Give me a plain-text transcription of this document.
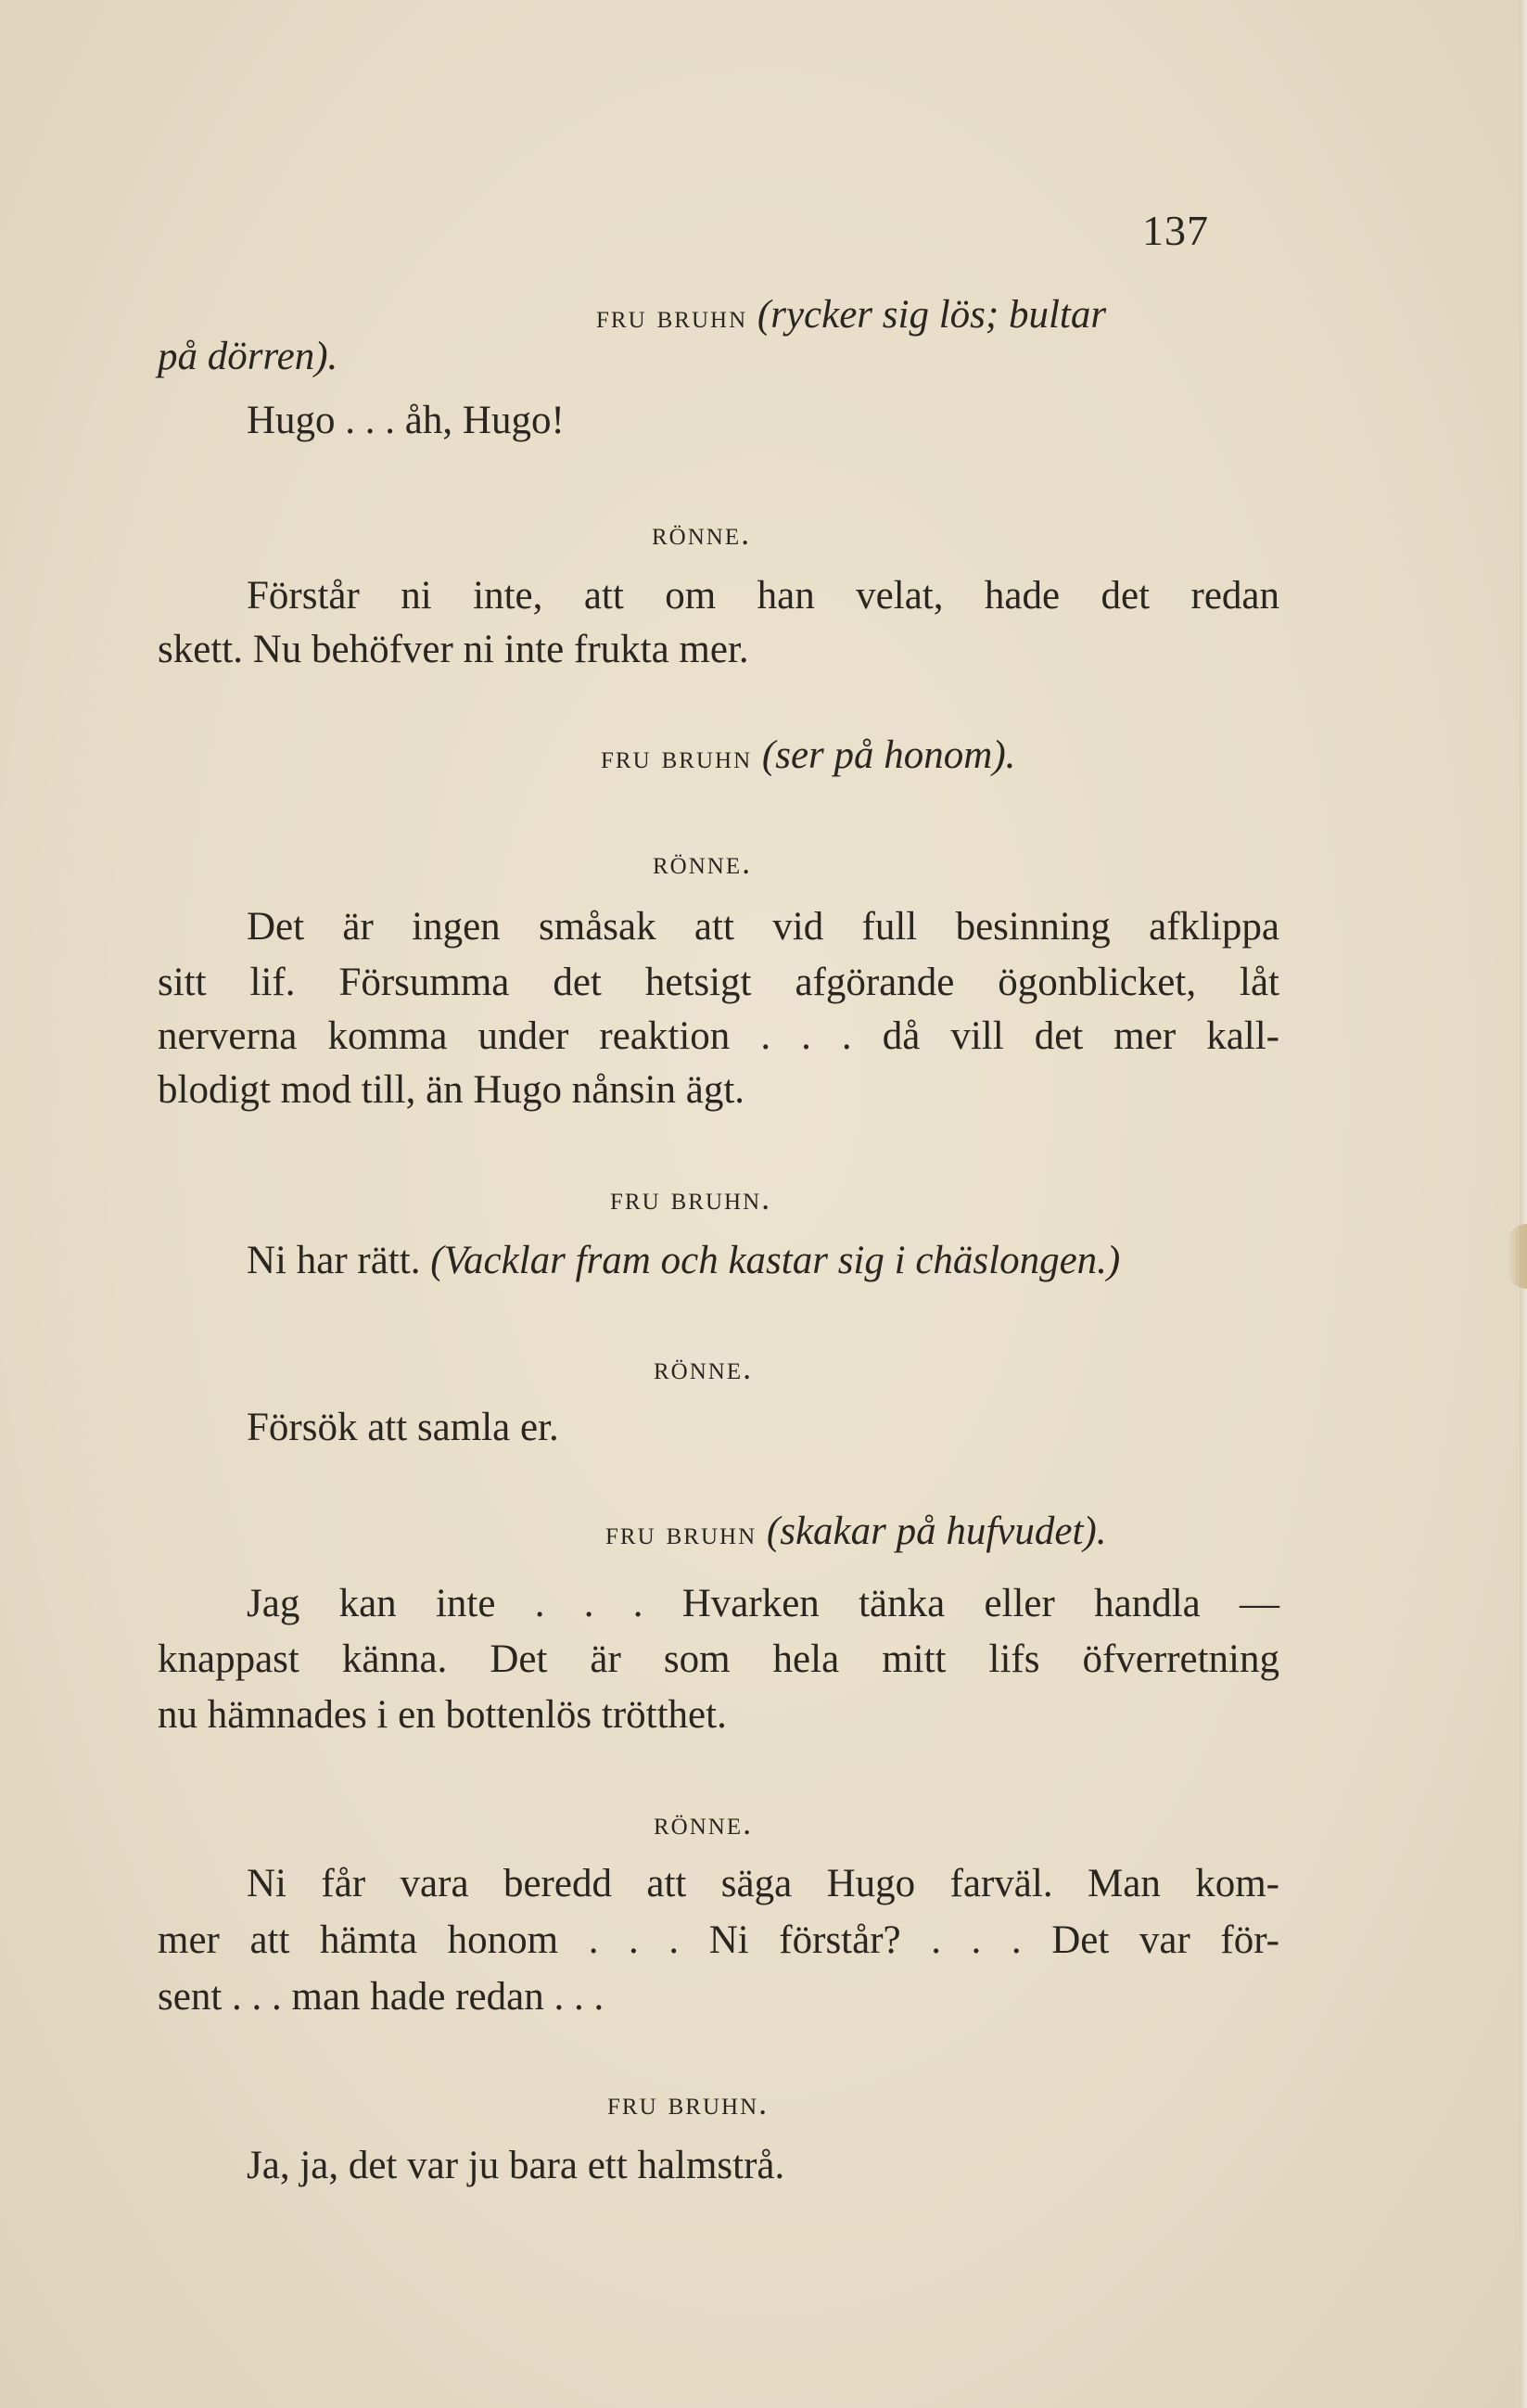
137
fru bruhn (rycker sig lös; bultar
på dörren).
Hugo . . . åh, Hugo!
rönne.
Förstår ni inte, att om han velat, hade det redan
skett. Nu behöfver ni inte frukta mer.
fru bruhn (ser på honom).
rönne.
Det är ingen småsak att vid full besinning afklippa
sitt lif. Försumma det hetsigt afgörande ögonblicket, låt
nerverna komma under reaktion . . . då vill det mer kall-
blodigt mod till, än Hugo nånsin ägt.
fru bruhn.
Ni har rätt. (Vacklar fram och kastar sig i chäslongen.)
rönne.
Försök att samla er.
fru bruhn (skakar på hufvudet).
Jag kan inte . . . Hvarken tänka eller handla —
knappast känna. Det är som hela mitt lifs öfverretning
nu hämnades i en bottenlös trötthet.
rönne.
Ni får vara beredd att säga Hugo farväl. Man kom-
mer att hämta honom . . . Ni förstår? . . . Det var för-
sent . . . man hade redan . . .
fru bruhn.
Ja, ja, det var ju bara ett halmstrå.
